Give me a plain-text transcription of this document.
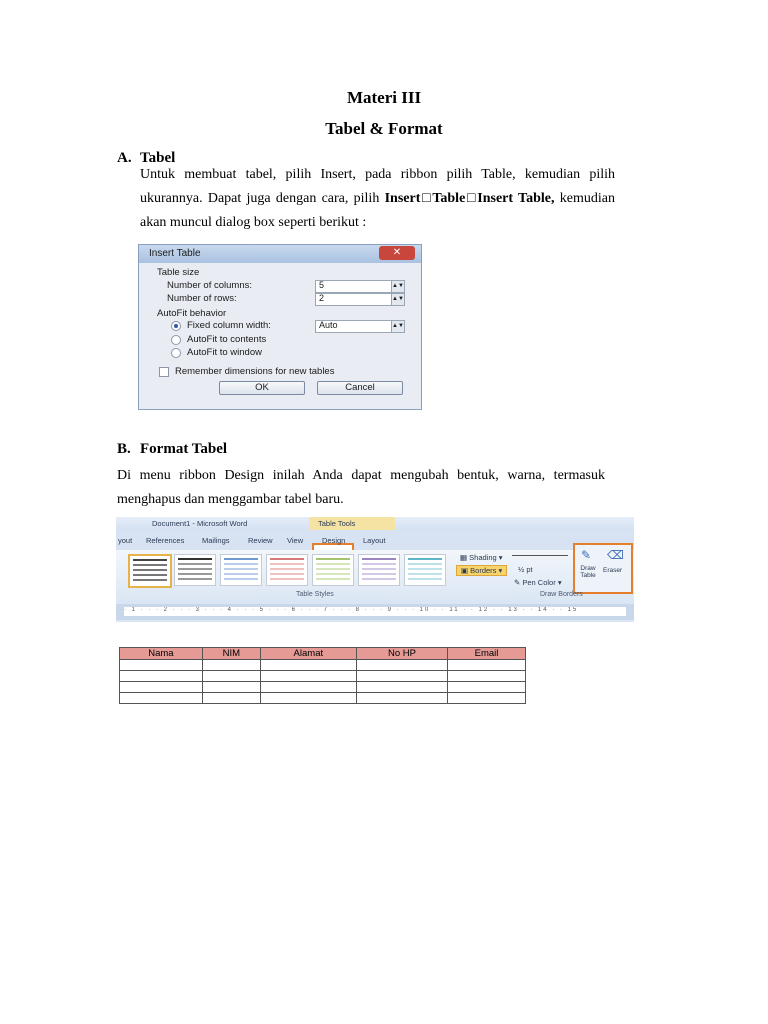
Materi III
Tabel & Format
A. Tabel
Untuk membuat tabel, pilih Insert, pada ribbon pilih Table, kemudian pilih
ukurannya. Dapat juga dengan cara, pilih Insert□Table□Insert Table, kemudian
akan muncul dialog box seperti berikut :
Insert Table	✕
Table size
Number of columns:	5	▲▼
Number of rows:	2	▲▼
AutoFit behavior
Fixed column width:	Auto	▲▼
AutoFit to contents
AutoFit to window
Remember dimensions for new tables
OK	Cancel
B. Format Tabel
Di menu ribbon Design inilah Anda dapat mengubah bentuk, warna, termasuk
menghapus dan menggambar tabel baru.
Document1 - Microsoft Word	Table Tools
yout References Mailings Review View	Design Layout
▦ Shading ▾
▣ Borders ▾	½ pt
✎ Pen Color ▾
✎ ⌫
Draw Table
Eraser
Table Styles	Draw Borders
· 1 · · · 2 · · · 3 · · · 4 · · · 5 · · · 6 · · · 7 · · · 8 · · · 9 · · · 10 · · 11 · · 12 · · 13 · · 14 · · 15
Nama	NIM	Alamat	No HP	Email
